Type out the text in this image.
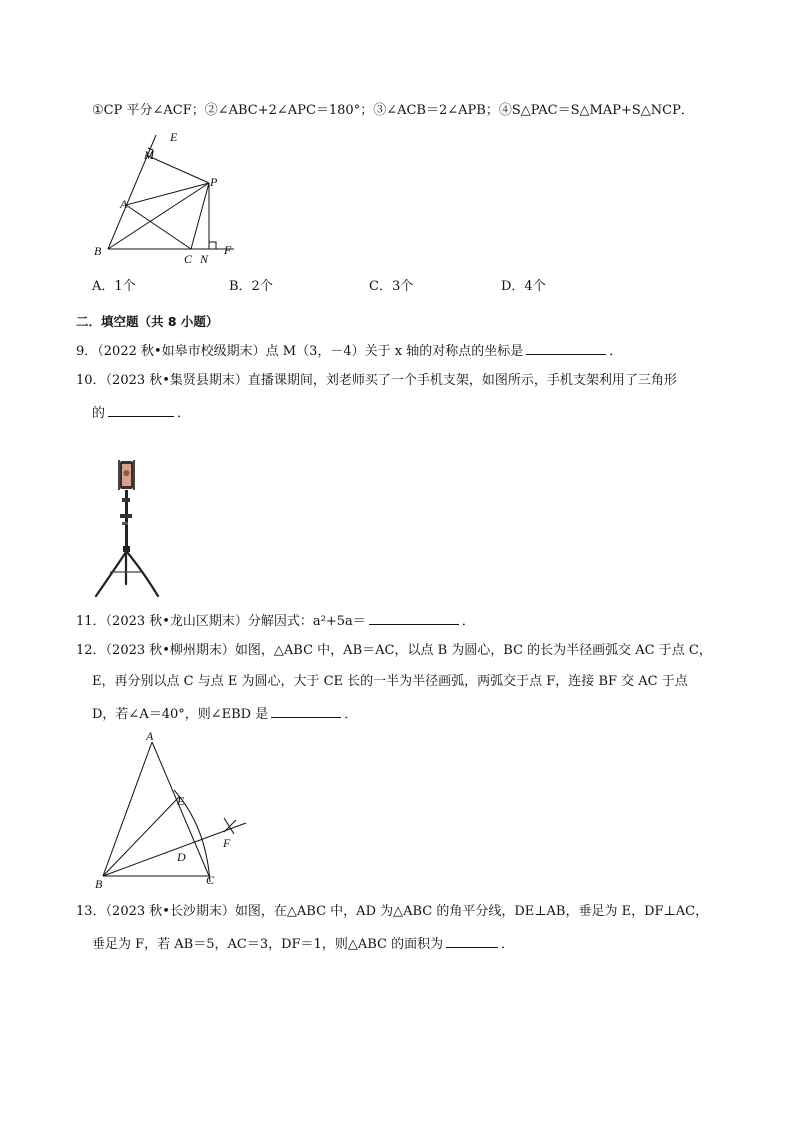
①CP 平分∠ACF；②∠ABC+2∠APC＝180°；③∠ACB＝2∠APB；④S△PAC＝S△MAP+S△NCP．
E
M
P
A
B
C N
F
A．1个	B．2个	C．3个	D．4个
二．填空题（共 8 小题）
9．（2022 秋•如皋市校级期末）点 M（3，－4）关于 x 轴的对称点的坐标是	．
10．（2023 秋•集贤县期末）直播课期间，刘老师买了一个手机支架，如图所示，手机支架利用了三角形
的	．
11．（2023 秋•龙山区期末）分解因式：a²+5a＝	．
12．（2023 秋•柳州期末）如图，△ABC 中，AB＝AC，以点 B 为圆心，BC 的长为半径画弧交 AC 于点 C，
E，再分别以点 C 与点 E 为圆心，大于 CE 长的一半为半径画弧，两弧交于点 F，连接 BF 交 AC 于点
D，若∠A＝40°，则∠EBD 是	．
A
E
F
D
B	C
13．（2023 秋•长沙期末）如图，在△ABC 中，AD 为△ABC 的角平分线，DE⊥AB，垂足为 E，DF⊥AC，
垂足为 F，若 AB＝5，AC＝3，DF＝1，则△ABC 的面积为	．
